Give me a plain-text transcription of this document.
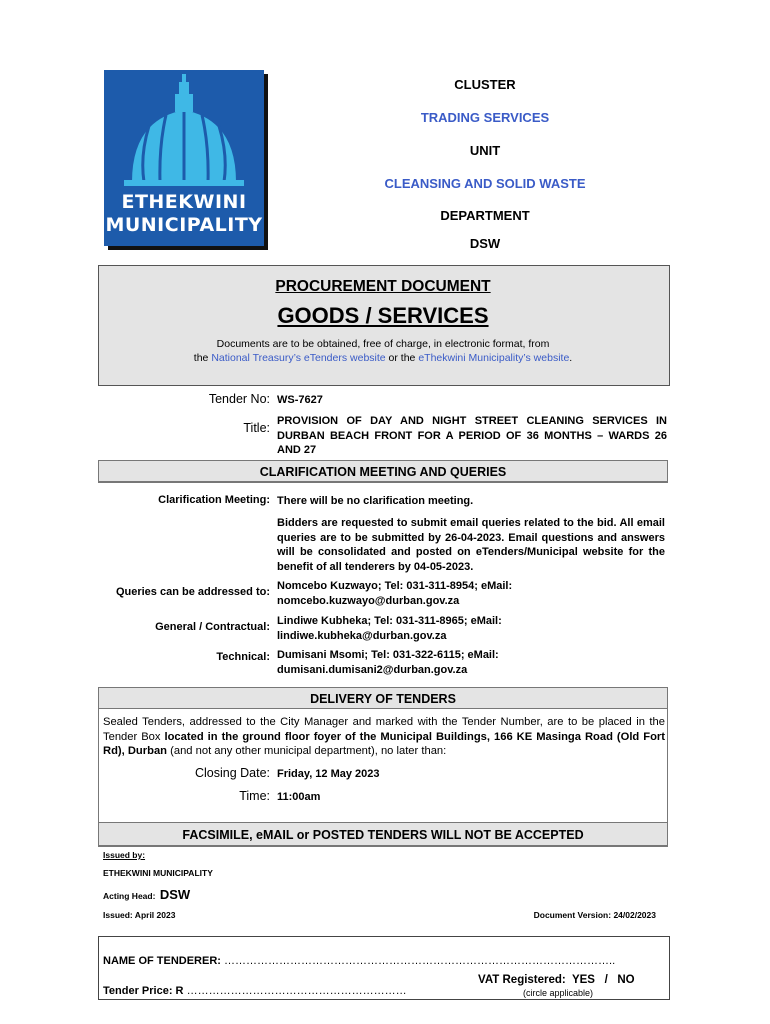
ETHEKWINI
MUNICIPALITY
CLUSTER
TRADING SERVICES
UNIT
CLEANSING AND SOLID WASTE
DEPARTMENT
DSW
PROCUREMENT DOCUMENT
GOODS / SERVICES
Documents are to be obtained, free of charge, in electronic format, from
the National Treasury’s eTenders website or the eThekwini Municipality’s website.
Tender No: WS-7627
Title: PROVISION OF DAY AND NIGHT STREET CLEANING SERVICES IN DURBAN BEACH FRONT FOR A PERIOD OF 36 MONTHS – WARDS 26 AND 27
CLARIFICATION MEETING AND QUERIES
Clarification Meeting: There will be no clarification meeting.
Bidders are requested to submit email queries related to the bid. All email queries are to be submitted by 26-04-2023. Email questions and answers will be consolidated and posted on eTenders/Municipal website for the benefit of all tenderers by 04-05-2023.
Queries can be addressed to: Nomcebo Kuzwayo; Tel: 031-311-8954; eMail:
nomcebo.kuzwayo@durban.gov.za
General / Contractual: Lindiwe Kubheka; Tel: 031-311-8965; eMail:
lindiwe.kubheka@durban.gov.za
Technical: Dumisani Msomi; Tel: 031-322-6115; eMail:
dumisani.dumisani2@durban.gov.za
DELIVERY OF TENDERS
Sealed Tenders, addressed to the City Manager and marked with the Tender Number, are to be placed in the Tender Box located in the ground floor foyer of the Municipal Buildings, 166 KE Masinga Road (Old Fort Rd), Durban (and not any other municipal department), no later than:
Closing Date: Friday, 12 May 2023
Time: 11:00am
FACSIMILE, eMAIL or POSTED TENDERS WILL NOT BE ACCEPTED
Issued by:
ETHEKWINI MUNICIPALITY
Acting Head: DSW
Issued: April 2023	Document Version: 24/02/2023
NAME OF TENDERER: ……………………………………………………………………………………………..
VAT Registered: YES / NO
(circle applicable)
Tender Price: R ……………………………………………………
